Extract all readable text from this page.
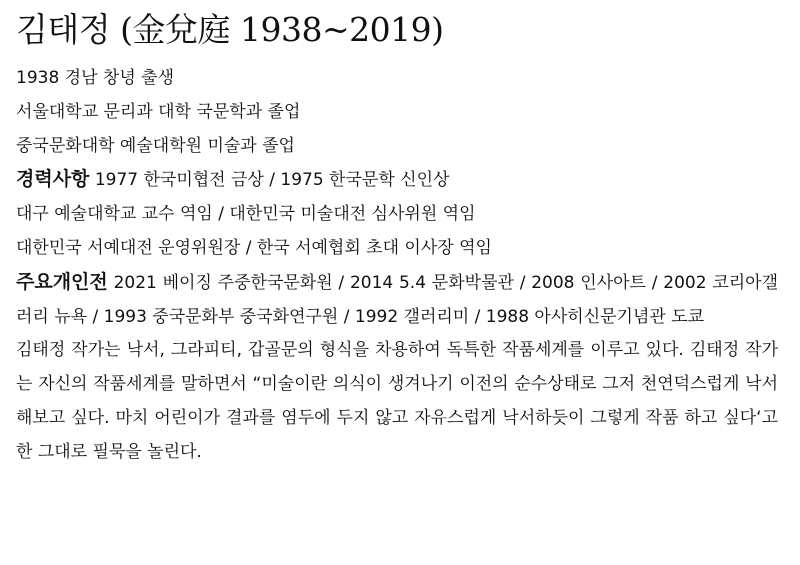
김태정 (金兌庭 1938~2019)
1938 경남 창녕 출생
서울대학교 문리과 대학 국문학과 졸업
중국문화대학 예술대학원 미술과 졸업
경력사항 1977 한국미협전 금상 / 1975 한국문학 신인상
대구 예술대학교 교수 역임 / 대한민국 미술대전 심사위원 역임
대한민국 서예대전 운영위원장 / 한국 서예협회 초대 이사장 역임
주요개인전 2021 베이징 주중한국문화원 / 2014 5.4 문화박물관 / 2008 인사아트 / 2002 코리아갤러리 뉴욕 / 1993 중국문화부 중국화연구원 / 1992 갤러리미 / 1988 아사히신문기념관 도쿄
김태정 작가는 낙서, 그라피티, 갑골문의 형식을 차용하여 독특한 작품세계를 이루고 있다. 김태정 작가는 자신의 작품세계를 말하면서 “미술이란 의식이 생겨나기 이전의 순수상태로 그저 천연덕스럽게 낙서해보고 싶다. 마치 어린이가 결과를 염두에 두지 않고 자유스럽게 낙서하듯이 그렇게 작품 하고 싶다‘고 한 그대로 필묵을 놀린다.
